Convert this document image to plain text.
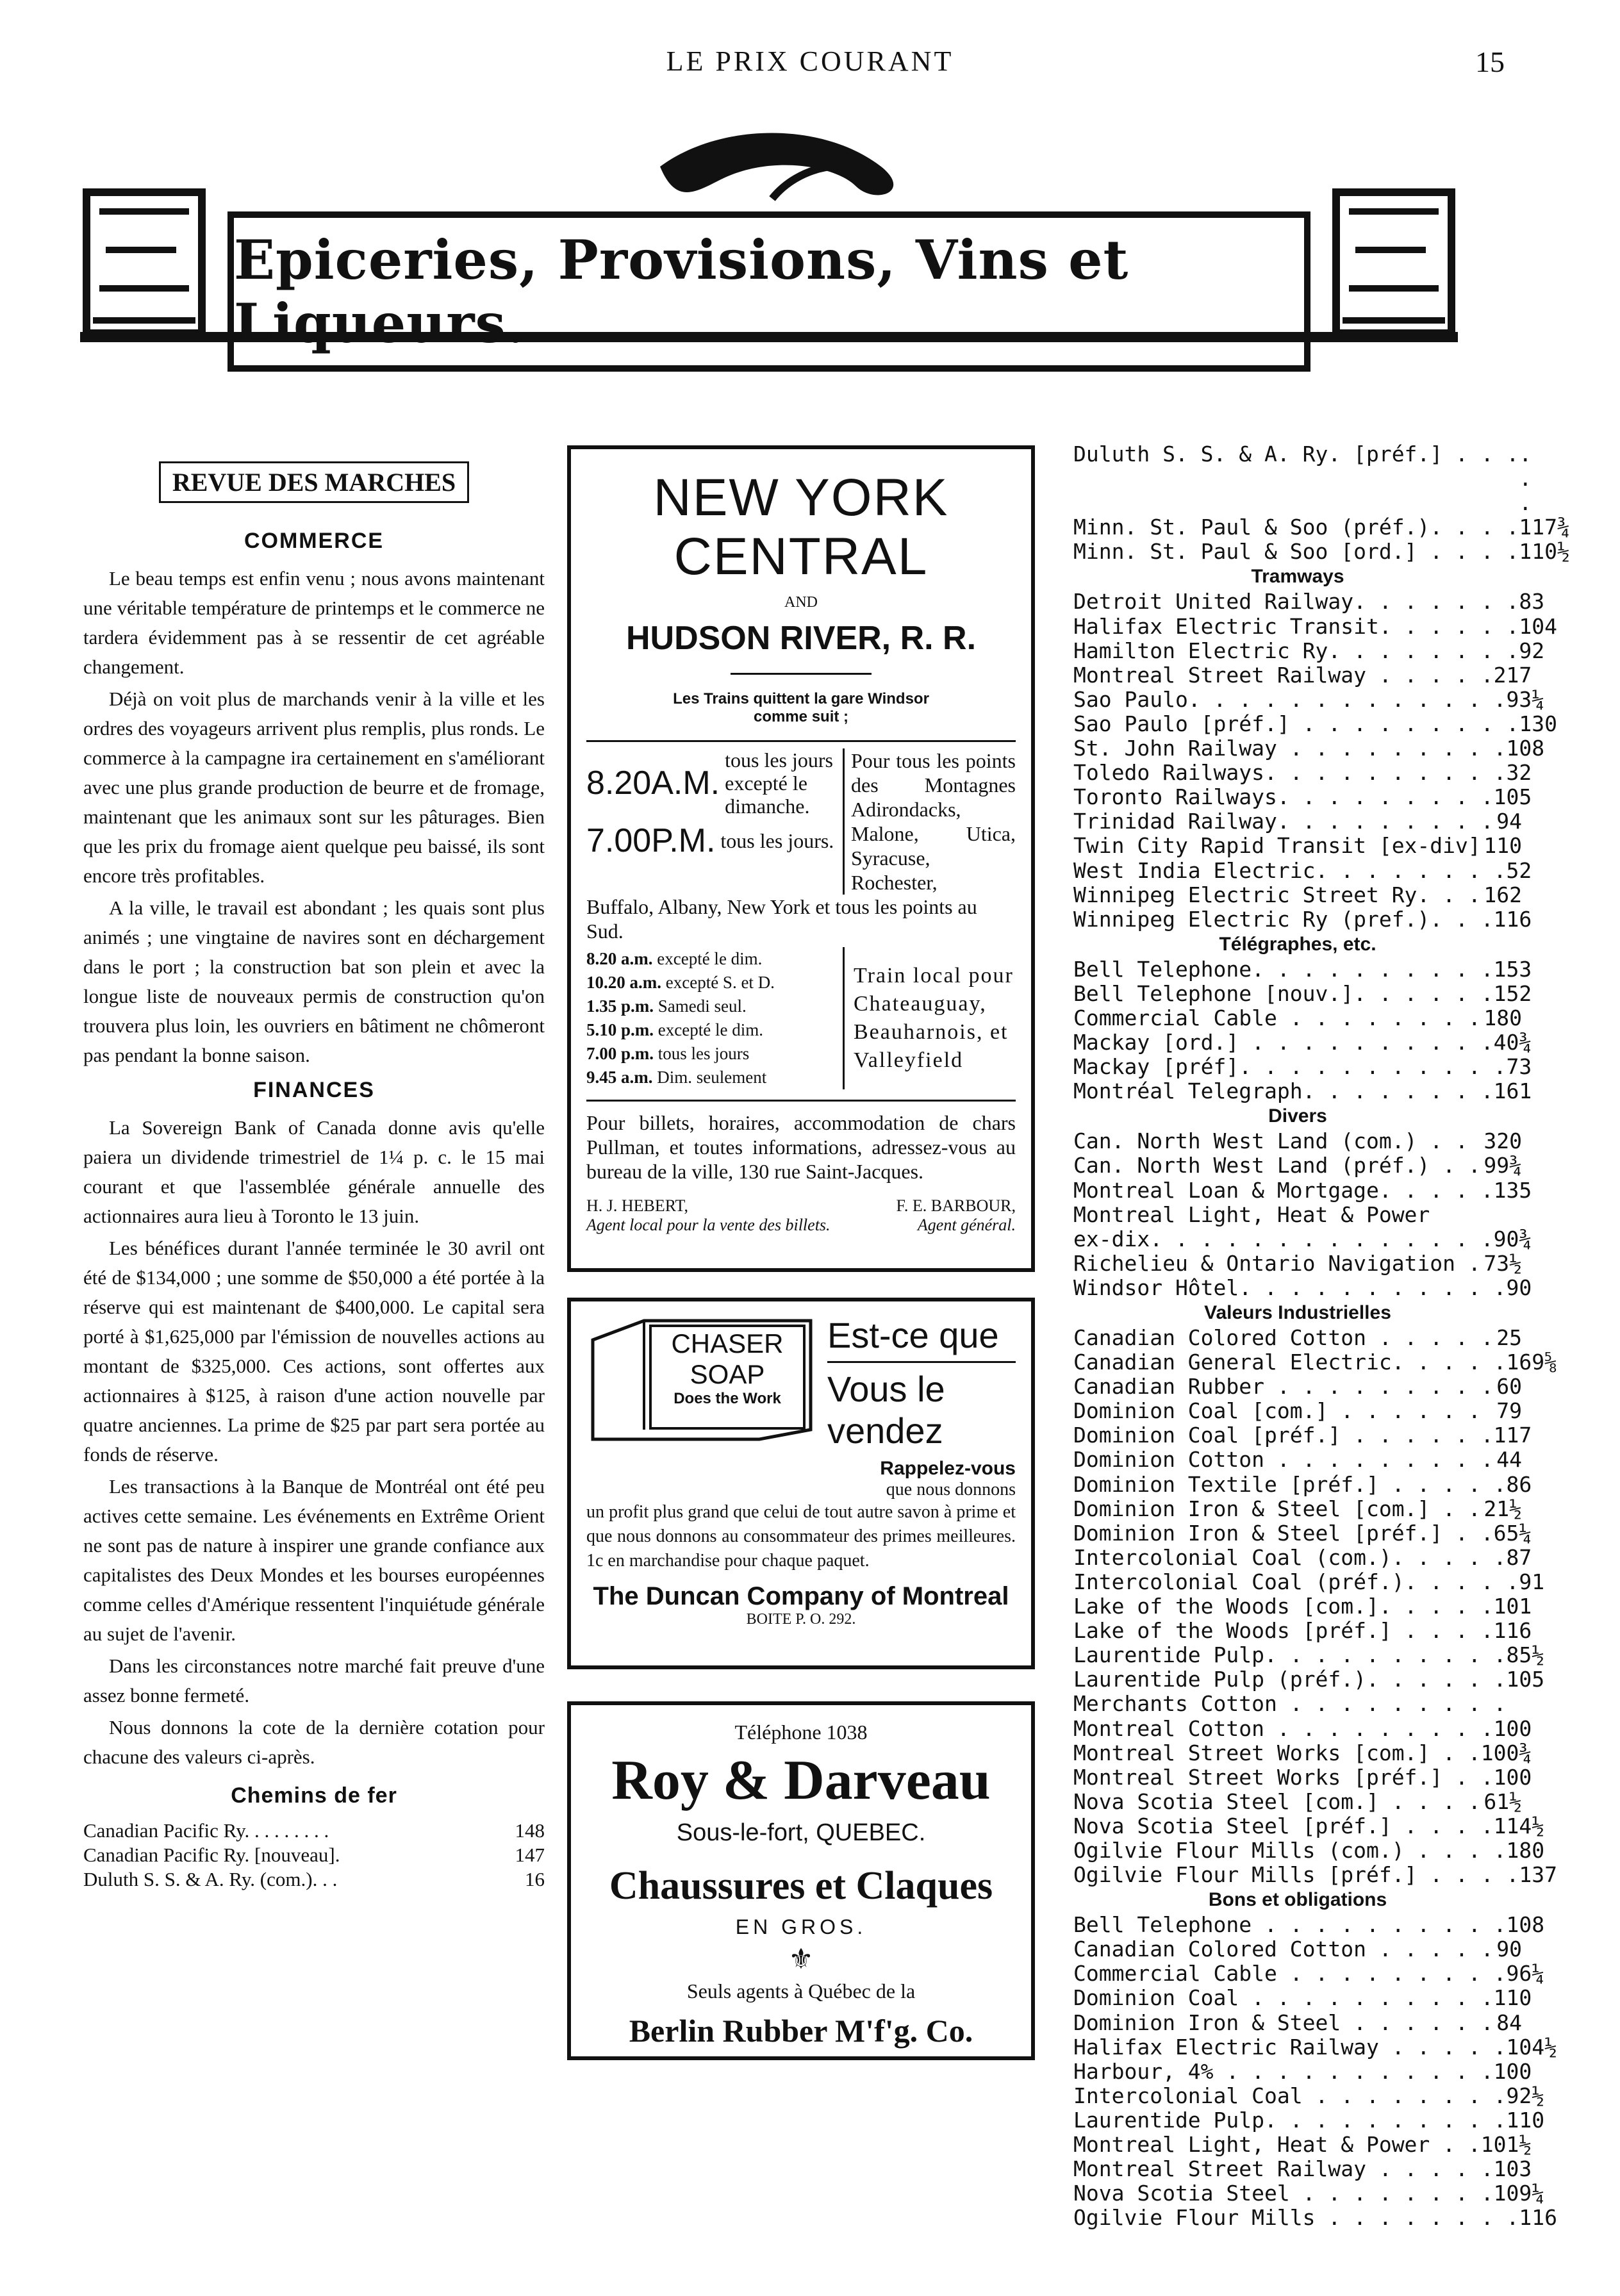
LE PRIX COURANT	15
Epiceries, Provisions, Vins et Liqueurs.
REVUE DES MARCHES
COMMERCE

Le beau temps est enfin venu ; nous avons maintenant une véritable température de printemps et le commerce ne tardera évidemment pas à se ressentir de cet agréable changement.

Déjà on voit plus de marchands venir à la ville et les ordres des voyageurs arrivent plus remplis, plus ronds. Le commerce à la campagne ira certainement en s'améliorant avec une plus grande production de beurre et de fromage, maintenant que les animaux sont sur les pâturages. Bien que les prix du fromage aient quelque peu baissé, ils sont encore très profitables.

A la ville, le travail est abondant ; les quais sont plus animés ; une vingtaine de navires sont en déchargement dans le port ; la construction bat son plein et avec la longue liste de nouveaux permis de construction qu'on trouvera plus loin, les ouvriers en bâtiment ne chômeront pas pendant la bonne saison.

FINANCES

La Sovereign Bank of Canada donne avis qu'elle paiera un dividende trimestriel de 1¼ p. c. le 15 mai courant et que l'assemblée générale annuelle des actionnaires aura lieu à Toronto le 13 juin.

Les bénéfices durant l'année terminée le 30 avril ont été de $134,000 ; une somme de $50,000 a été portée à la réserve qui est maintenant de $400,000. Le capital sera porté à $1,625,000 par l'émission de nouvelles actions au montant de $325,000. Ces actions, sont offertes aux actionnaires à $125, à raison d'une action nouvelle par quatre anciennes. La prime de $25 par part sera portée au fonds de réserve.

Les transactions à la Banque de Montréal ont été peu actives cette semaine. Les événements en Extrême Orient ne sont pas de nature à inspirer une grande confiance aux capitalistes des Deux Mondes et les bourses européennes comme celles d'Amérique ressentent l'inquiétude générale au sujet de l'avenir.

Dans les circonstances notre marché fait preuve d'une assez bonne fermeté.

Nous donnons la cote de la dernière cotation pour chacune des valeurs ci-après.

Chemins de fer
Canadian Pacific Ry. . . . . . . . .	148
Canadian Pacific Ry. [nouveau].	147
Duluth S. S. & A. Ry. (com.). . .	16
NEW YORK CENTRAL
AND
HUDSON RIVER, R. R.
Les Trains quittent la gare Windsor
comme suit ;
8.20A.M.
tous les jours excepté le dimanche.
7.00P.M. tous les jours.
Pour tous les points des Montagnes Adirondacks, Malone, Utica, Syracuse, Rochester,
Buffalo, Albany, New York et tous les points au Sud.
8.20 a.m. excepté le dim.
10.20 a.m. excepté S. et D.
1.35 p.m. Samedi seul.
5.10 p.m. excepté le dim.
7.00 p.m. tous les jours
9.45 a.m. Dim. seulement
Train local pour Chateauguay, Beauharnois, et Valleyfield
Pour billets, horaires, accommodation de chars Pullman, et toutes informations, adressez-vous au bureau de la ville, 130 rue Saint-Jacques.
H. J. HEBERT,
Agent local pour la vente des billets.
F. E. BARBOUR,
Agent général.
CHASER
SOAP
Does the Work
Est-ce que
Vous le vendez
Rappelez-vous
que nous donnons
un profit plus grand que celui de tout autre savon à prime et que nous donnons au consommateur des primes meilleures. 1c en marchandise pour chaque paquet.
The Duncan Company of Montreal
BOITE P. O. 292.
Téléphone 1038
Roy & Darveau
Sous-le-fort, QUEBEC.
Chaussures et Claques
EN GROS.
⚜
Seuls agents à Québec de la
Berlin Rubber M'f'g. Co.
Duluth S. S. & A. Ry. [préf.] . . . . . .
Minn. St. Paul & Soo (préf.). . . . 117¾
Minn. St. Paul & Soo [ord.] . . . . 110½
Tramways
Detroit United Railway. . . . . . . 83
Halifax Electric Transit. . . . . . 104
Hamilton Electric Ry. . . . . . . . 92
Montreal Street Railway . . . . . 217
Sao Paulo. . . . . . . . . . . . . 93¼
Sao Paulo [préf.] . . . . . . . . . 130
St. John Railway . . . . . . . . . 108
Toledo Railways. . . . . . . . . . 32
Toronto Railways. . . . . . . . . 105
Trinidad Railway. . . . . . . . . 94
Twin City Rapid Transit [ex-div] 110
West India Electric. . . . . . . . 52
Winnipeg Electric Street Ry. . . 162
Winnipeg Electric Ry (pref.). . . 116
Télégraphes, etc.
Bell Telephone. . . . . . . . . . 153
Bell Telephone [nouv.]. . . . . . 152
Commercial Cable . . . . . . . . 180
Mackay [ord.] . . . . . . . . . . 40¾
Mackay [préf]. . . . . . . . . . . 73
Montréal Telegraph. . . . . . . . 161
Divers
Can. North West Land (com.) . . 320
Can. North West Land (préf.) . . 99¾
Montreal Loan & Mortgage. . . . . 135
Montreal Light, Heat & Power
ex-dix. . . . . . . . . . . . . . 90¾
Richelieu & Ontario Navigation . 73½
Windsor Hôtel. . . . . . . . . . . 90
Valeurs Industrielles
Canadian Colored Cotton . . . . . 25
Canadian General Electric. . . . . 169⅝
Canadian Rubber . . . . . . . . . 60
Dominion Coal [com.] . . . . . . 79
Dominion Coal [préf.] . . . . . . 117
Dominion Cotton . . . . . . . . . 44
Dominion Textile [préf.] . . . . . 86
Dominion Iron & Steel [com.] . . 21½
Dominion Iron & Steel [préf.] . . 65¼
Intercolonial Coal (com.). . . . . 87
Intercolonial Coal (préf.). . . . . 91
Lake of the Woods [com.]. . . . . 101
Lake of the Woods [préf.] . . . . 116
Laurentide Pulp. . . . . . . . . . 85½
Laurentide Pulp (préf.). . . . . . 105
Merchants Cotton . . . . . . . . .
Montreal Cotton . . . . . . . . . 100
Montreal Street Works [com.] . . 100¾
Montreal Street Works [préf.] . . 100
Nova Scotia Steel [com.] . . . . 61½
Nova Scotia Steel [préf.] . . . . 114½
Ogilvie Flour Mills (com.) . . . . 180
Ogilvie Flour Mills [préf.] . . . . 137
Bons et obligations
Bell Telephone . . . . . . . . . . 108
Canadian Colored Cotton . . . . . 90
Commercial Cable . . . . . . . . . 96¼
Dominion Coal . . . . . . . . . . 110
Dominion Iron & Steel . . . . . . 84
Halifax Electric Railway . . . . . 104½
Harbour, 4% . . . . . . . . . . . 100
Intercolonial Coal . . . . . . . . 92½
Laurentide Pulp. . . . . . . . . . 110
Montreal Light, Heat & Power . . 101½
Montreal Street Railway . . . . . 103
Nova Scotia Steel . . . . . . . . 109¼
Ogilvie Flour Mills . . . . . . . . 116
